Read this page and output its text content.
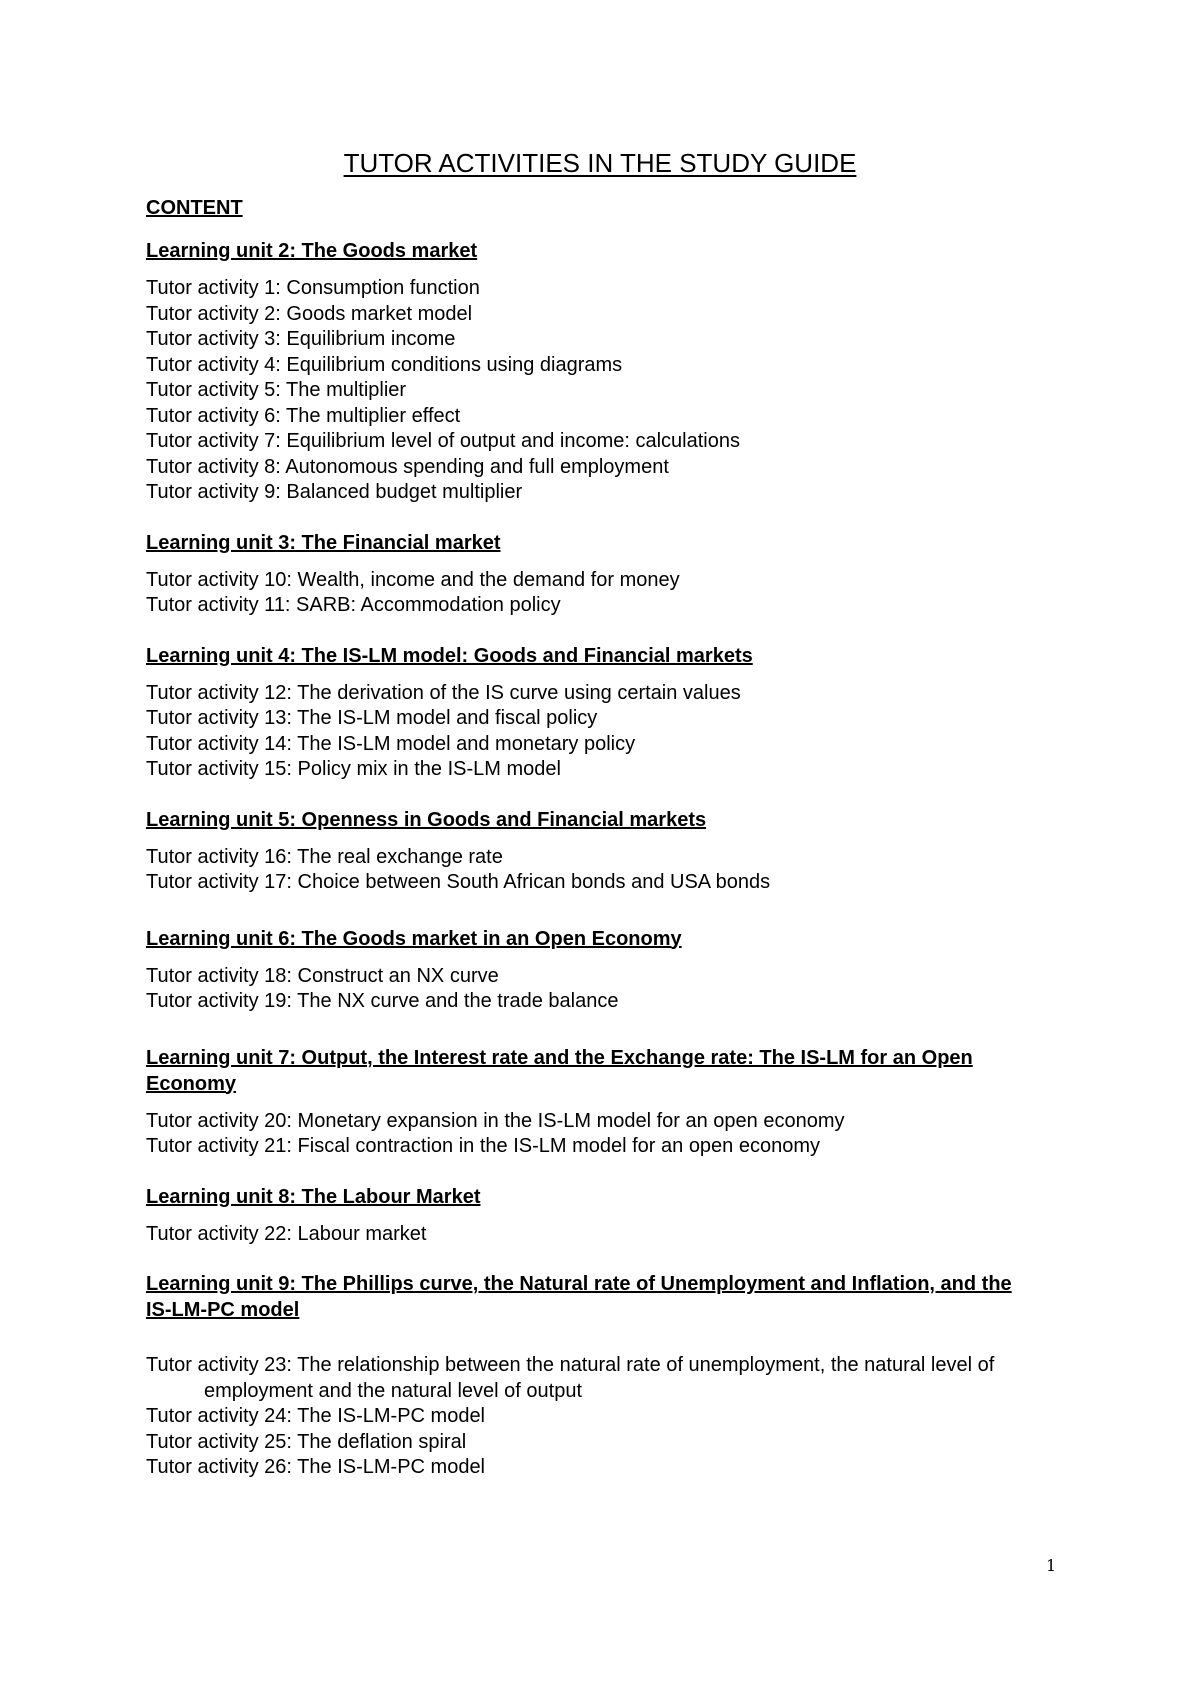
TUTOR ACTIVITIES IN THE STUDY GUIDE
CONTENT
Learning unit 2: The Goods market
Tutor activity 1: Consumption function
Tutor activity 2: Goods market model
Tutor activity 3: Equilibrium income
Tutor activity 4: Equilibrium conditions using diagrams
Tutor activity 5: The multiplier
Tutor activity 6: The multiplier effect
Tutor activity 7: Equilibrium level of output and income: calculations
Tutor activity 8: Autonomous spending and full employment
Tutor activity 9: Balanced budget multiplier
Learning unit 3: The Financial market
Tutor activity 10: Wealth, income and the demand for money
Tutor activity 11: SARB: Accommodation policy
Learning unit 4: The IS-LM model: Goods and Financial markets
Tutor activity 12: The derivation of the IS curve using certain values
Tutor activity 13: The IS-LM model and fiscal policy
Tutor activity 14: The IS-LM model and monetary policy
Tutor activity 15: Policy mix in the IS-LM model
Learning unit 5: Openness in Goods and Financial markets
Tutor activity 16: The real exchange rate
Tutor activity 17: Choice between South African bonds and USA bonds
Learning unit 6: The Goods market in an Open Economy
Tutor activity 18: Construct an NX curve
Tutor activity 19: The NX curve and the trade balance
Learning unit 7: Output, the Interest rate and the Exchange rate: The IS-LM for an Open Economy
Tutor activity 20: Monetary expansion in the IS-LM model for an open economy
Tutor activity 21: Fiscal contraction in the IS-LM model for an open economy
Learning unit 8: The Labour Market
Tutor activity 22: Labour market
Learning unit 9: The Phillips curve, the Natural rate of Unemployment and Inflation, and the IS-LM-PC model
Tutor activity 23: The relationship between the natural rate of unemployment, the natural level of employment and the natural level of output
Tutor activity 24: The IS-LM-PC model
Tutor activity 25: The deflation spiral
Tutor activity 26: The IS-LM-PC model
1
